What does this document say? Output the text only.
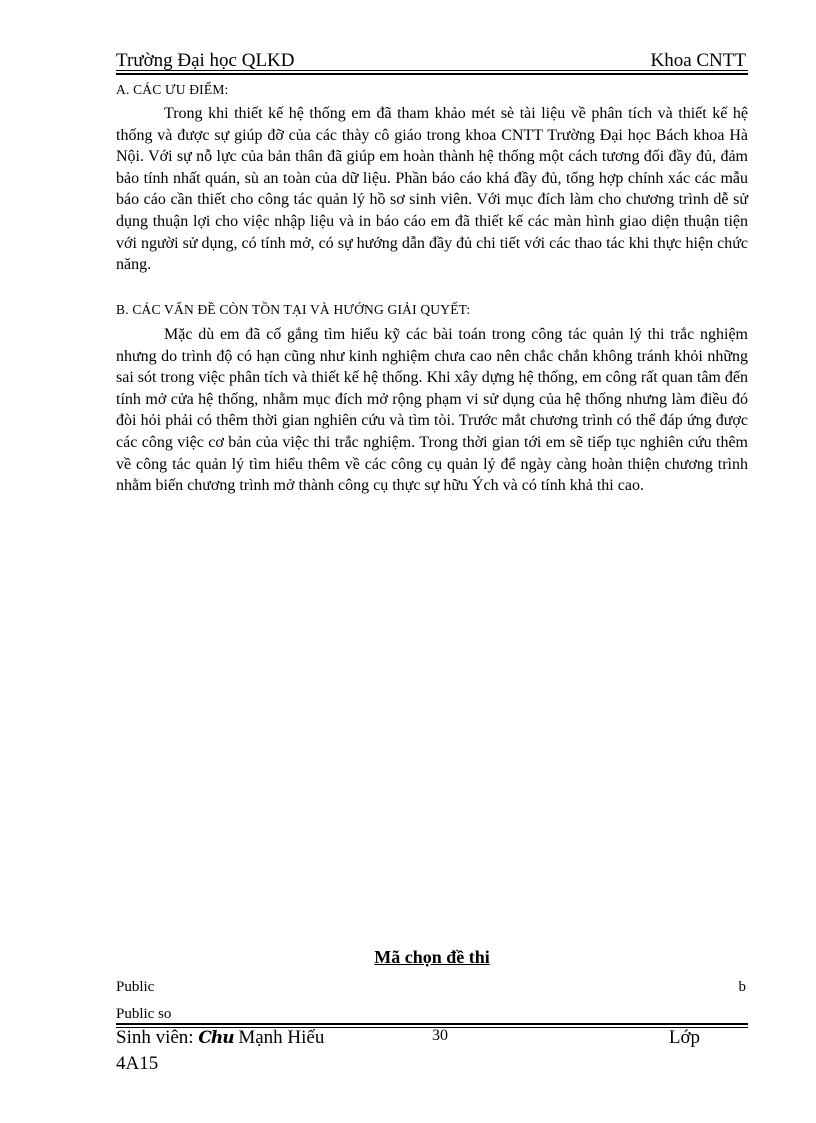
Trường Đại học QLKD	Khoa CNTT
A. CÁC ƯU ĐIỂM:

Trong khi thiết kế hệ thống em đã tham khảo mét sè tài liệu về phân tích và thiết kế hệ thống và được sự giúp đỡ của các thày cô giáo trong khoa CNTT Trường Đại học Bách khoa Hà Nội. Với sự nỗ lực của bản thân đã giúp em hoàn thành hệ thống một cách tương đối đầy đủ, đảm bảo tính nhất quán, sù an toàn của dữ liệu. Phần báo cáo khá đầy đủ, tổng hợp chính xác các mẫu báo cáo cần thiết cho công tác quản lý hồ sơ sinh viên. Với mục đích làm cho chương trình dễ sử dụng thuận lợi cho việc nhập liệu và in báo cáo em đã thiết kế các màn hình giao diện thuận tiện với người sử dụng, có tính mở, có sự hướng dẫn đầy đủ chi tiết với các thao tác khi thực hiện chức năng.

B. CÁC VẤN ĐỀ CÒN TỒN TẠI VÀ HƯỚNG GIẢI QUYẾT:

Mặc dù em đã cố gắng tìm hiểu kỹ các bài toán trong công tác quản lý thi trắc nghiệm nhưng do trình độ có hạn cũng như kinh nghiệm chưa cao nên chắc chắn không tránh khỏi những sai sót trong việc phân tích và thiết kế hệ thống. Khi xây dựng hệ thống, em công rất quan tâm đến tính mở cửa hệ thống, nhằm mục đích mở rộng phạm vi sử dụng của hệ thống nhưng làm điều đó đòi hỏi phải có thêm thời gian nghiên cứu và tìm tòi. Trước mắt chương trình có thể đáp ứng được các công việc cơ bản của việc thi trắc nghiệm. Trong thời gian tới em sẽ tiếp tục nghiên cứu thêm về công tác quản lý tìm hiểu thêm về các công cụ quản lý để ngày càng hoàn thiện chương trình nhằm biến chương trình mở thành công cụ thực sự hữu Ých và có tính khả thi cao.

Mã chọn đề thi
Public	b
Public so
Sinh viên: Chu Mạnh Hiếu	30	Lớp
4A15
